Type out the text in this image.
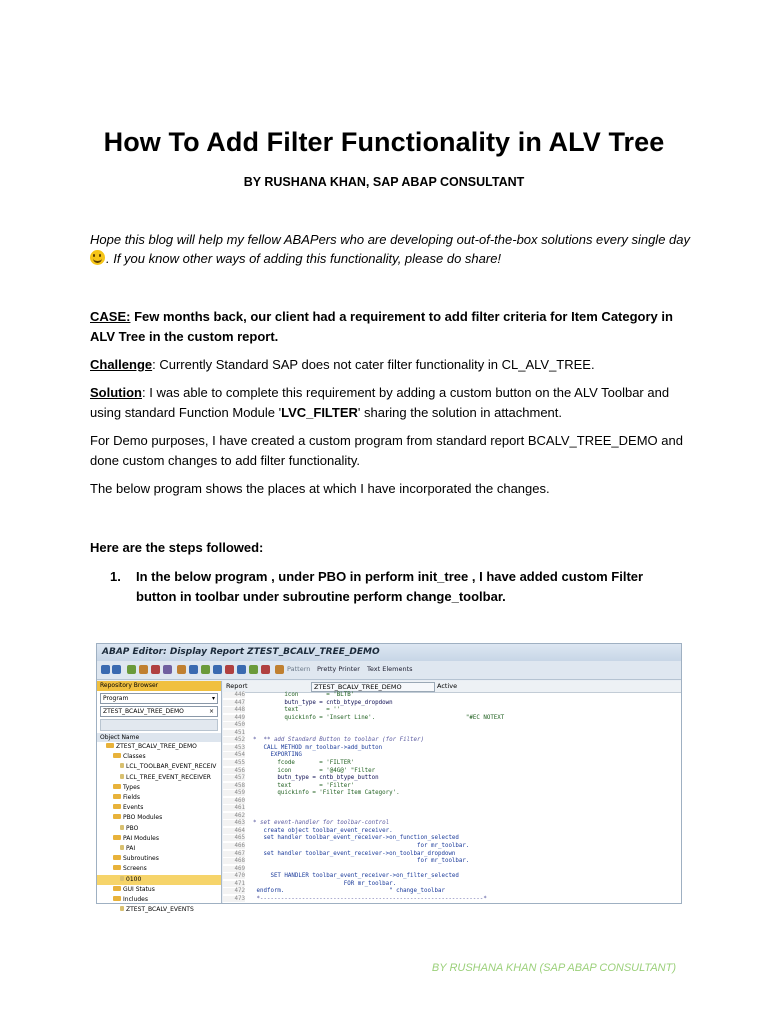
How To Add Filter Functionality in ALV Tree
BY RUSHANA KHAN, SAP ABAP CONSULTANT
Hope this blog will help my fellow ABAPers who are developing out-of-the-box solutions every single day
. If you know other ways of adding this functionality, please do share!
CASE: Few months back, our client had a requirement to add filter criteria for Item Category in ALV Tree in the custom report.
Challenge: Currently Standard SAP does not cater filter functionality in CL_ALV_TREE.
Solution: I was able to complete this requirement by adding a custom button on the ALV Toolbar and using standard Function Module 'LVC_FILTER' sharing the solution in attachment.
For Demo purposes, I have created a custom program from standard report BCALV_TREE_DEMO and done custom changes to add filter functionality.
The below program shows the places at which I have incorporated the changes.
Here are the steps followed:
1. In the below program , under PBO in perform init_tree , I have added custom Filter button in toolbar under subroutine perform change_toolbar.
ABAP Editor: Display Report ZTEST_BCALV_TREE_DEMO
Pattern Pretty Printer Text Elements
Repository Browser
Program	▾
ZTEST_BCALV_TREE_DEMO	×
Object Name
ZTEST_BCALV_TREE_DEMO
Classes
LCL_TOOLBAR_EVENT_RECEIV
LCL_TREE_EVENT_RECEIVER
Types
Fields
Events
PBO Modules
PBO
PAI Modules
PAI
Subroutines
Screens
0100
GUI Status
Includes
ZTEST_BCALV_EVENTS
Report	ZTEST_BCALV_TREE_DEMO	Active
446 icon        = 'BLTB'
447 butn_type = cntb_btype_dropdown
448 text        = ''
449 quickinfo = 'Insert Line'.                          "#EC NOTEXT
450
451
452 *  ** add Standard Button to toolbar (for Filter)
453 CALL METHOD mr_toolbar->add_button
454 EXPORTING
455 fcode       = 'FILTER'
456 icon        = '@4G@' "Filter
457 butn_type = cntb_btype_button
458 text        = 'Filter'
459 quickinfo = 'Filter Item Category'.
460
461
462
463 * set event-handler for toolbar-control
464 create object toolbar_event_receiver.
465 set handler toolbar_event_receiver->on_function_selected
466 for mr_toolbar.
467 set handler toolbar_event_receiver->on_toolbar_dropdown
468 for mr_toolbar.
469
470 SET HANDLER toolbar_event_receiver->on_filter_selected
471 FOR mr_toolbar.
472 endform.                              " change_toolbar
473 *----------------------------------------------------------------*
BY RUSHANA KHAN (SAP ABAP CONSULTANT)
